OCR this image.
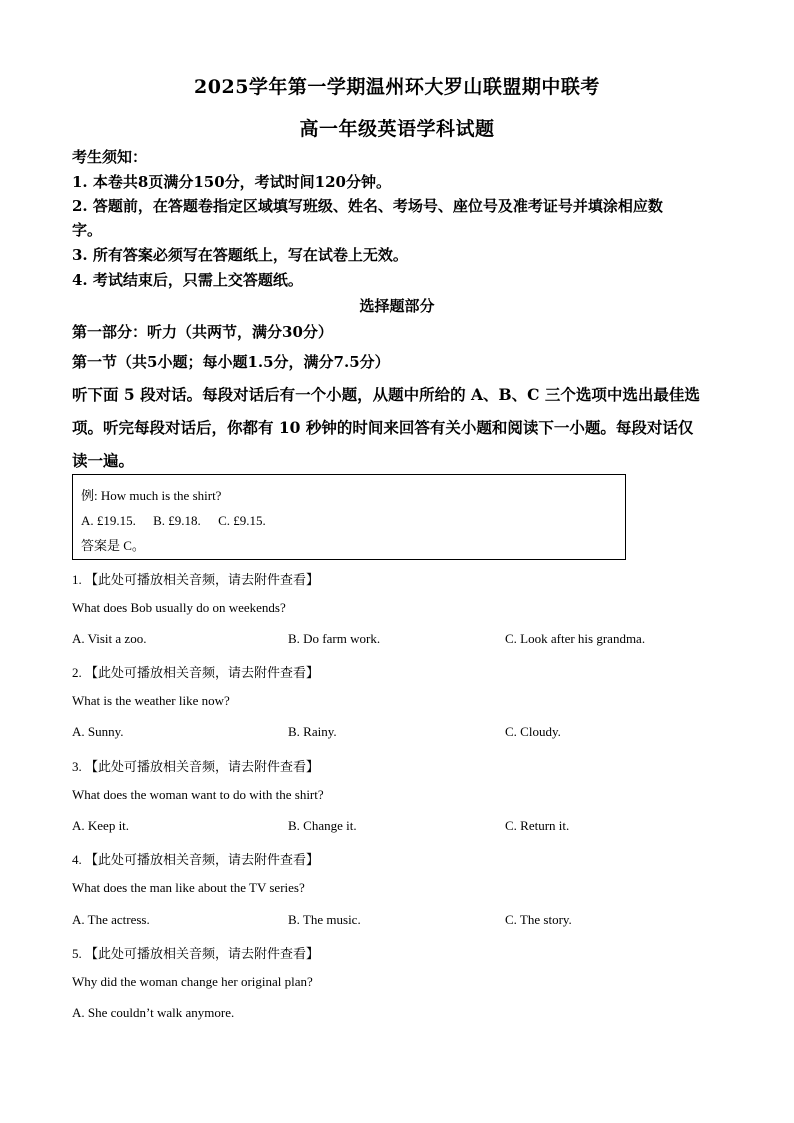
2025学年第一学期温州环大罗山联盟期中联考
高一年级英语学科试题
考生须知：
1. 本卷共8页满分150分，考试时间120分钟。
2. 答题前，在答题卷指定区域填写班级、姓名、考场号、座位号及准考证号并填涂相应数
字。
3. 所有答案必须写在答题纸上，写在试卷上无效。
4. 考试结束后，只需上交答题纸。
选择题部分
第一部分：听力（共两节，满分30分）
第一节（共5小题；每小题1.5分，满分7.5分）
听下面 5 段对话。每段对话后有一个小题，从题中所给的 A、B、C 三个选项中选出最佳选
项。听完每段对话后，你都有 10 秒钟的时间来回答有关小题和阅读下一小题。每段对话仅
读一遍。
例: How much is the shirt?
A. £19.15. B. £9.18. C. £9.15.
答案是 C。
1. 【此处可播放相关音频，请去附件查看】
What does Bob usually do on weekends?
A. Visit a zoo.	B. Do farm work.	C. Look after his grandma.
2. 【此处可播放相关音频，请去附件查看】
What is the weather like now?
A. Sunny.	B. Rainy.	C. Cloudy.
3. 【此处可播放相关音频，请去附件查看】
What does the woman want to do with the shirt?
A. Keep it.	B. Change it.	C. Return it.
4. 【此处可播放相关音频，请去附件查看】
What does the man like about the TV series?
A. The actress.	B. The music.	C. The story.
5. 【此处可播放相关音频，请去附件查看】
Why did the woman change her original plan?
A. She couldn’t walk anymore.
